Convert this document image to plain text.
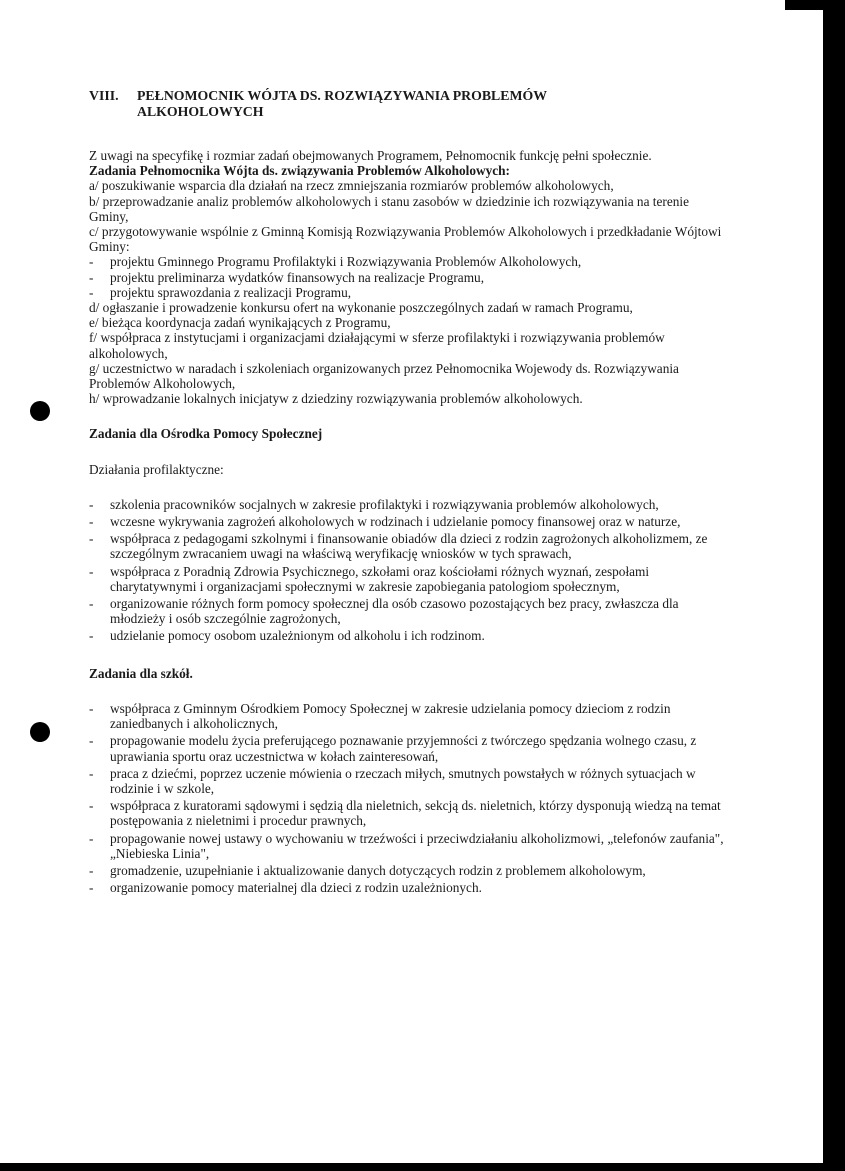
VIII.	PEŁNOMOCNIK WÓJTA DS. ROZWIĄZYWANIA PROBLEMÓW
ALKOHOLOWYCH

Z uwagi na specyfikę i rozmiar zadań obejmowanych Programem, Pełnomocnik funkcję pełni społecznie.

Zadania Pełnomocnika Wójta ds. związywania Problemów Alkoholowych:

a/ poszukiwanie wsparcia dla działań na rzecz zmniejszania rozmiarów problemów alkoholowych,

b/ przeprowadzanie analiz problemów alkoholowych i stanu zasobów w dziedzinie ich rozwiązywania na terenie Gminy,

c/ przygotowywanie wspólnie z Gminną Komisją Rozwiązywania Problemów Alkoholowych i przedkładanie Wójtowi Gminy:

- projektu Gminnego Programu Profilaktyki i Rozwiązywania Problemów Alkoholowych,
- projektu preliminarza wydatków finansowych na realizacje Programu,
- projektu sprawozdania z realizacji Programu,

d/ ogłaszanie i prowadzenie konkursu ofert na wykonanie poszczególnych zadań w ramach Programu,

e/ bieżąca koordynacja zadań wynikających z Programu,

f/ współpraca z instytucjami i organizacjami działającymi w sferze profilaktyki i rozwiązywania problemów alkoholowych,

g/ uczestnictwo w naradach i szkoleniach organizowanych przez Pełnomocnika Wojewody ds. Rozwiązywania Problemów Alkoholowych,

h/ wprowadzanie lokalnych inicjatyw z dziedziny rozwiązywania problemów alkoholowych.

Zadania dla Ośrodka Pomocy Społecznej

Działania profilaktyczne:

- szkolenia pracowników socjalnych w zakresie profilaktyki i rozwiązywania problemów alkoholowych,
- wczesne wykrywania zagrożeń alkoholowych w rodzinach i udzielanie pomocy finansowej oraz w naturze,
- współpraca z pedagogami szkolnymi i finansowanie obiadów dla dzieci z rodzin zagrożonych alkoholizmem, ze szczególnym zwracaniem uwagi na właściwą weryfikację wniosków w tych sprawach,
- współpraca z Poradnią Zdrowia Psychicznego, szkołami oraz kościołami różnych wyznań, zespołami charytatywnymi i organizacjami społecznymi w zakresie zapobiegania patologiom społecznym,
- organizowanie różnych form pomocy społecznej dla osób czasowo pozostających bez pracy, zwłaszcza dla młodzieży i osób szczególnie zagrożonych,
- udzielanie pomocy osobom uzależnionym od alkoholu i ich rodzinom.

Zadania dla szkół.

- współpraca z Gminnym Ośrodkiem Pomocy Społecznej w zakresie udzielania pomocy dzieciom z rodzin zaniedbanych i alkoholicznych,
- propagowanie modelu życia preferującego poznawanie przyjemności z twórczego spędzania wolnego czasu, z uprawiania sportu oraz uczestnictwa w kołach zainteresowań,
- praca z dziećmi, poprzez uczenie mówienia o rzeczach miłych, smutnych powstałych w różnych sytuacjach w rodzinie i w szkole,
- współpraca z kuratorami sądowymi i sędzią dla nieletnich, sekcją ds. nieletnich, którzy dysponują wiedzą na temat postępowania z nieletnimi i procedur prawnych,
- propagowanie nowej ustawy o wychowaniu w trzeźwości i przeciwdziałaniu alkoholizmowi, „telefonów zaufania", „Niebieska Linia",
- gromadzenie, uzupełnianie i aktualizowanie danych dotyczących rodzin z problemem alkoholowym,
- organizowanie pomocy materialnej dla dzieci z rodzin uzależnionych.
